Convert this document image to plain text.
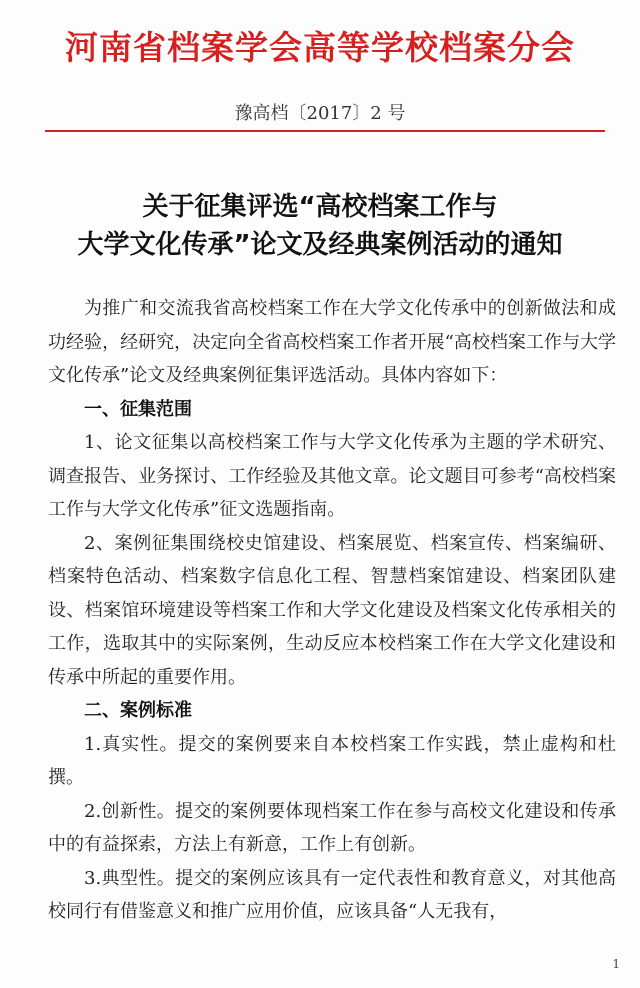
河南省档案学会高等学校档案分会
豫高档〔2017〕2 号
关于征集评选“高校档案工作与
大学文化传承”论文及经典案例活动的通知

为推广和交流我省高校档案工作在大学文化传承中的创新做法和成功经验，经研究，决定向全省高校档案工作者开展“高校档案工作与大学文化传承”论文及经典案例征集评选活动。具体内容如下：

一、征集范围

1、论文征集以高校档案工作与大学文化传承为主题的学术研究、调查报告、业务探讨、工作经验及其他文章。论文题目可参考“高校档案工作与大学文化传承”征文选题指南。

2、案例征集围绕校史馆建设、档案展览、档案宣传、档案编研、档案特色活动、档案数字信息化工程、智慧档案馆建设、档案团队建设、档案馆环境建设等档案工作和大学文化建设及档案文化传承相关的工作，选取其中的实际案例，生动反应本校档案工作在大学文化建设和传承中所起的重要作用。

二、案例标准

1.真实性。提交的案例要来自本校档案工作实践，禁止虚构和杜撰。

2.创新性。提交的案例要体现档案工作在参与高校文化建设和传承中的有益探索，方法上有新意，工作上有创新。

3.典型性。提交的案例应该具有一定代表性和教育意义，对其他高校同行有借鉴意义和推广应用价值，应该具备“人无我有，

1
